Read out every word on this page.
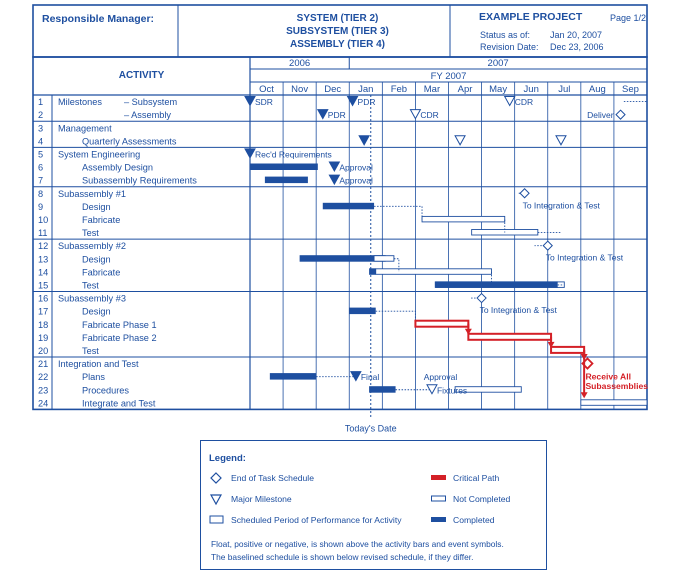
Responsible Manager:	SYSTEM (TIER 2)
SUBSYSTEM (TIER 3)
ASSEMBLY (TIER 4)
EXAMPLE PROJECT	Page 1/2
Status as of: Jan 20, 2007
Revision Date: Dec 23, 2006
ACTIVITY
2006	2007
FY 2007
Oct Nov Dec Jan Feb Mar Apr May Jun Jul Aug Sep
1 Milestones – Subsystem
2	– Assembly
3 Management
4	Quarterly Assessments
5 System Engineering
6	Assembly Design
7	Subassembly Requirements
8 Subassembly #1
9	Design
10	Fabricate
11	Test
12 Subassembly #2
13	Design
14	Fabricate
15	Test
16 Subassembly #3
17	Design
18	Fabricate Phase 1
19	Fabricate Phase 2
20	Test
21 Integration and Test
22	Plans
23	Procedures
24	Integrate and Test
SDR	PDR	CDR
PDR	CDR
Rec'd Requirements
Approval
Approval
Final
Fixtures
Deliver
To Integration & Test
To Integration & Test
To Integration & Test
Approval	Receive All
Subassemblies
Today's Date
Legend:
End of Task Schedule
Major Milestone
Scheduled Period of Performance for Activity
Critical Path
Not Completed
Completed
Float, positive or negative, is shown above the activity bars and event symbols.
The baselined schedule is shown below revised schedule, if they differ.
